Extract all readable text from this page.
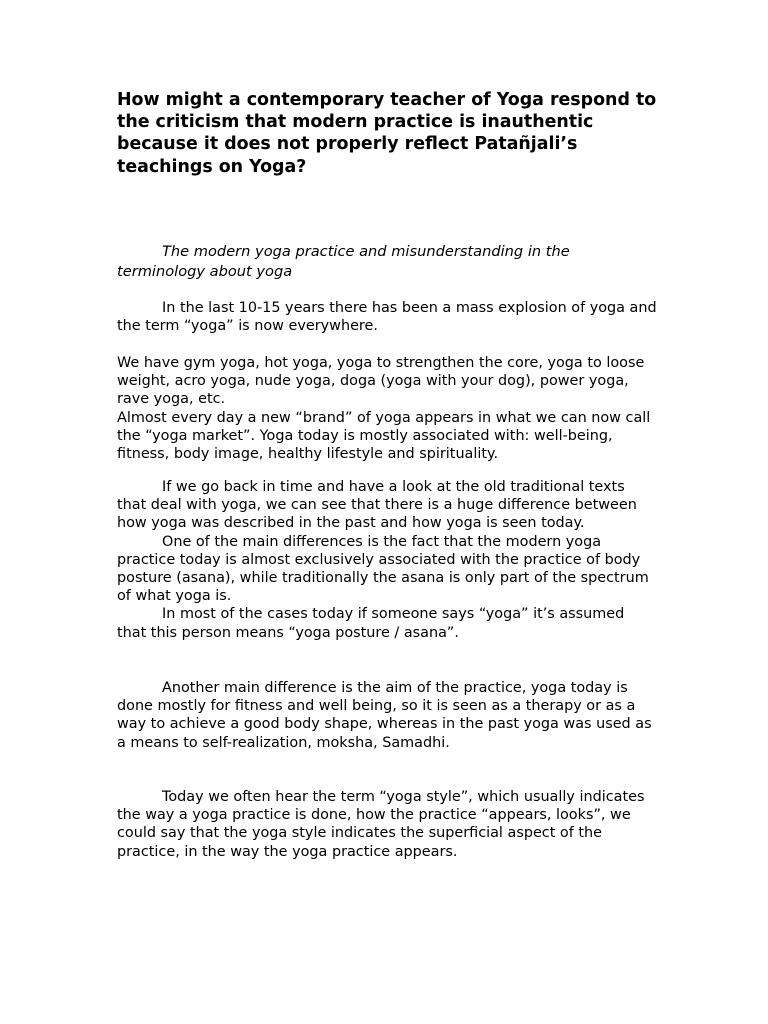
How might a contemporary teacher of Yoga respond to the criticism that modern practice is inauthentic because it does not properly reflect Patañjali’s teachings on Yoga?

The modern yoga practice and misunderstanding in the terminology about yoga

In the last 10-15 years there has been a mass explosion of yoga and the term “yoga” is now everywhere.

We have gym yoga, hot yoga, yoga to strengthen the core, yoga to loose weight, acro yoga, nude yoga, doga (yoga with your dog), power yoga, rave yoga, etc.

Almost every day a new “brand” of yoga appears in what we can now call the “yoga market”. Yoga today is mostly associated with: well-being, fitness, body image, healthy lifestyle and spirituality.

If we go back in time and have a look at the old traditional texts that deal with yoga, we can see that there is a huge difference between how yoga was described in the past and how yoga is seen today.

One of the main differences is the fact that the modern yoga practice today is almost exclusively associated with the practice of body posture (asana), while traditionally the asana is only part of the spectrum of what yoga is.

In most of the cases today if someone says “yoga” it’s assumed that this person means “yoga posture / asana”.

Another main difference is the aim of the practice, yoga today is done mostly for fitness and well being, so it is seen as a therapy or as a way to achieve a good body shape, whereas in the past yoga was used as a means to self-realization, moksha, Samadhi.

Today we often hear the term “yoga style”, which usually indicates the way a yoga practice is done, how the practice “appears, looks”, we could say that the yoga style indicates the superficial aspect of the practice, in the way the yoga practice appears.
